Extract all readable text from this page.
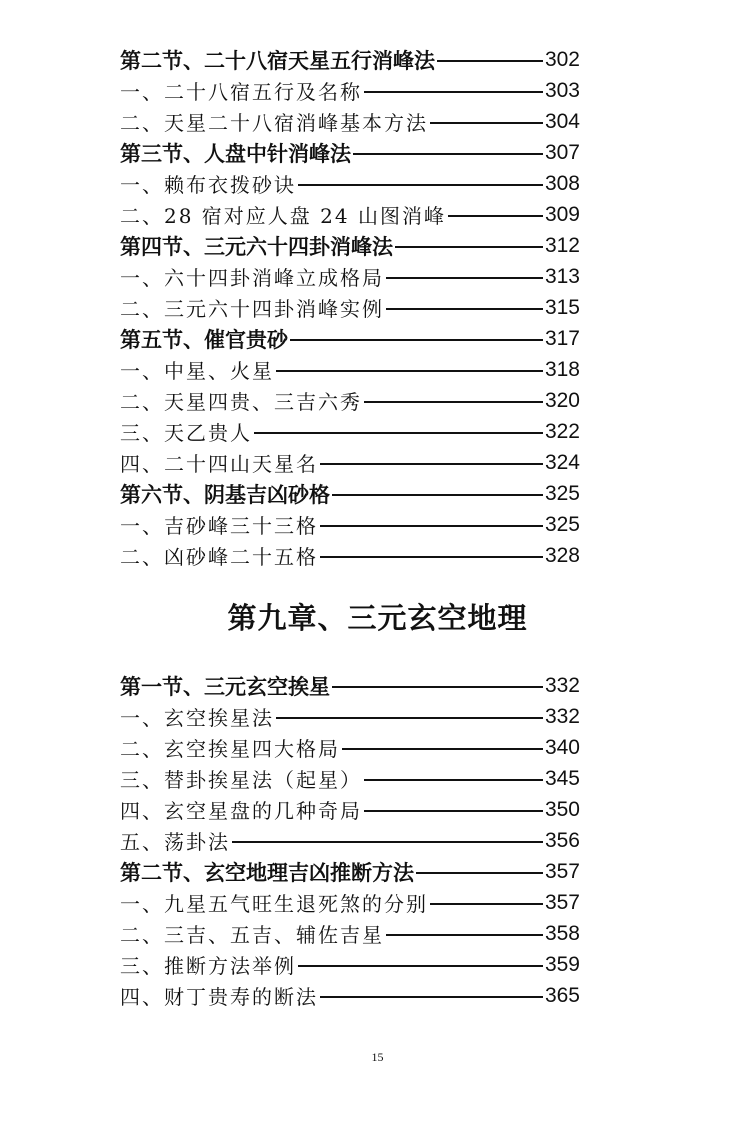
第二节、二十八宿天星五行消峰法	302
一、二十八宿五行及名称	303
二、天星二十八宿消峰基本方法	304
第三节、人盘中针消峰法	307
一、赖布衣拨砂诀	308
二、28 宿对应人盘 24 山图消峰	309
第四节、三元六十四卦消峰法	312
一、六十四卦消峰立成格局	313
二、三元六十四卦消峰实例	315
第五节、催官贵砂	317
一、中星、火星	318
二、天星四贵、三吉六秀	320
三、天乙贵人	322
四、二十四山天星名	324
第六节、阴基吉凶砂格	325
一、吉砂峰三十三格	325
二、凶砂峰二十五格	328
第九章、三元玄空地理
第一节、三元玄空挨星	332
一、玄空挨星法	332
二、玄空挨星四大格局	340
三、替卦挨星法（起星）	345
四、玄空星盘的几种奇局	350
五、荡卦法	356
第二节、玄空地理吉凶推断方法	357
一、九星五气旺生退死煞的分别	357
二、三吉、五吉、辅佐吉星	358
三、推断方法举例	359
四、财丁贵寿的断法	365
15
